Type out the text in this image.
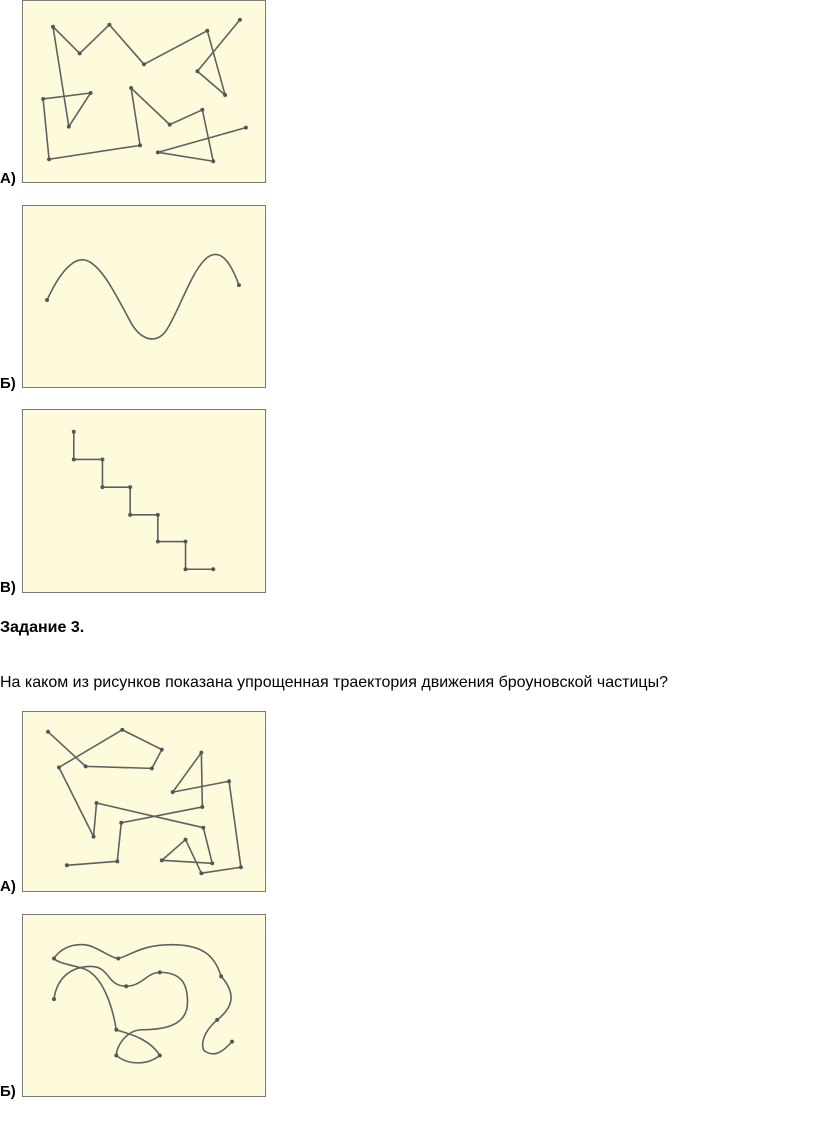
А)
Б)
В)
Задание 3.
На каком из рисунков показана упрощенная траектория движения броуновской частицы?
А)
Б)
